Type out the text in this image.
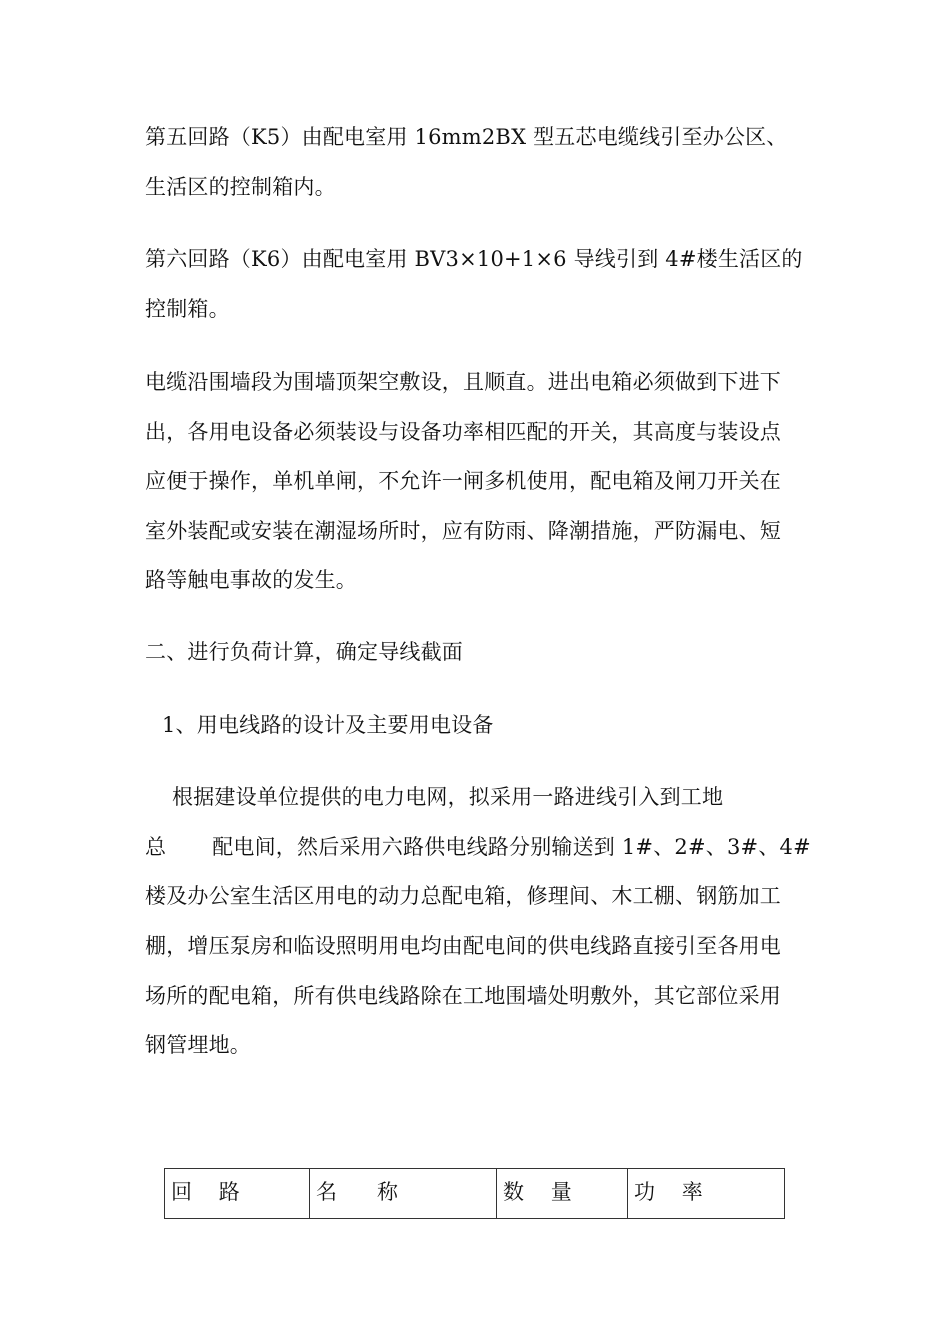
第五回路（K5）由配电室用 16mm2BX 型五芯电缆线引至办公区、
生活区的控制箱内。
第六回路（K6）由配电室用 BV3×10+1×6 导线引到 4#楼生活区的
控制箱。
电缆沿围墙段为围墙顶架空敷设，且顺直。进出电箱必须做到下进下
出，各用电设备必须装设与设备功率相匹配的开关，其高度与装设点
应便于操作，单机单闸，不允许一闸多机使用，配电箱及闸刀开关在
室外装配或安装在潮湿场所时，应有防雨、降潮措施，严防漏电、短
路等触电事故的发生。
二、进行负荷计算，确定导线截面
1、用电线路的设计及主要用电设备
根据建设单位提供的电力电网，拟采用一路进线引入到工地
总 配电间，然后采用六路供电线路分别输送到 1#、2#、3#、4#
楼及办公室生活区用电的动力总配电箱，修理间、木工棚、钢筋加工
棚，增压泵房和临设照明用电均由配电间的供电线路直接引至各用电
场所的配电箱，所有供电线路除在工地围墙处明敷外，其它部位采用
钢管埋地。
回    路	名      称	数    量	功    率
